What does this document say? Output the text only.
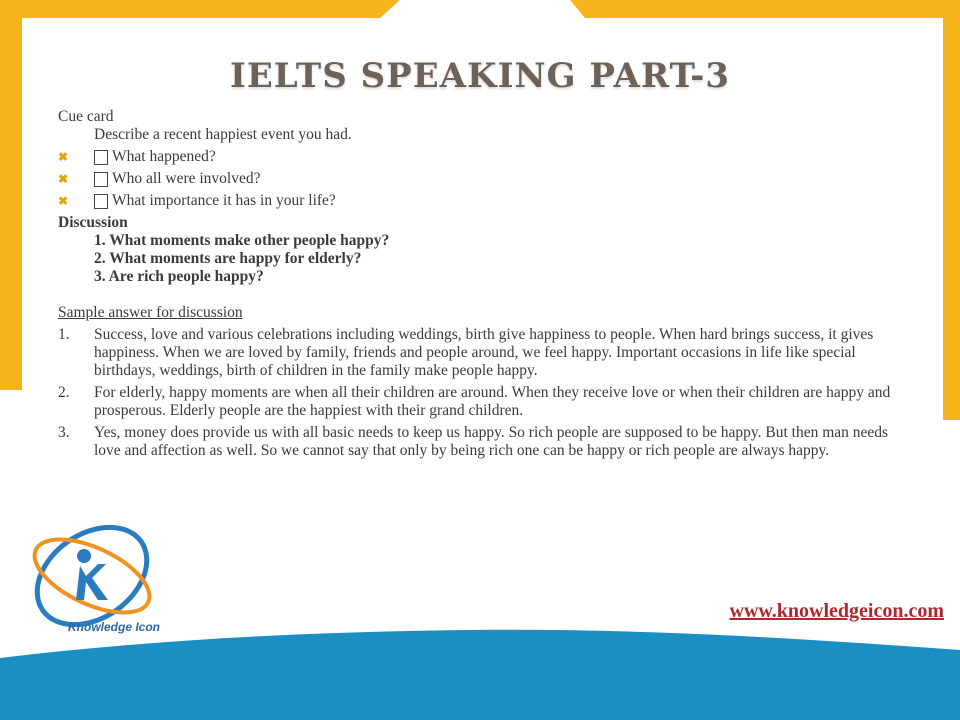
IELTS SPEAKING PART-3
Cue card
Describe a recent happiest event you had.
✖	What happened?
✖	Who all were involved?
✖	What importance it has in your life?
Discussion
1. What moments make other people happy?
2. What moments are happy for elderly?
3. Are rich people happy?
Sample answer for discussion
1.	Success, love and various celebrations including weddings, birth give happiness to people. When hard brings success, it gives happiness. When we are loved by family, friends and people around, we feel happy. Important occasions in life like special birthdays, weddings, birth of children in the family make people happy.
2.	For elderly, happy moments are when all their children are around. When they receive love or when their children are happy and prosperous. Elderly people are the happiest with their grand children.
3.	Yes, money does provide us with all basic needs to keep us happy. So rich people are supposed to be happy. But then man needs love and affection as well. So we cannot say that only by being rich one can be happy or rich people are always happy.
Knowledge Icon
www.knowledgeicon.com
